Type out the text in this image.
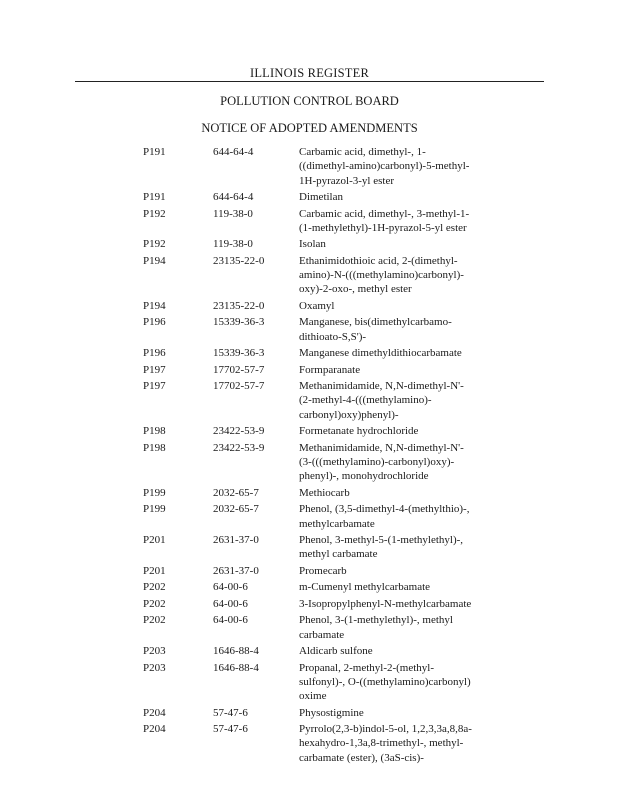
ILLINOIS REGISTER
POLLUTION CONTROL BOARD
NOTICE OF ADOPTED AMENDMENTS
P191	644-64-4	Carbamic acid, dimethyl-, 1-
((dimethyl-amino)carbonyl)-5-methyl-
1H-pyrazol-3-yl ester
P191	644-64-4	Dimetilan
P192	119-38-0	Carbamic acid, dimethyl-, 3-methyl-1-
(1-methylethyl)-1H-pyrazol-5-yl ester
P192	119-38-0	Isolan
P194	23135-22-0	Ethanimidothioic acid, 2-(dimethyl-
amino)-N-(((methylamino)carbonyl)-
oxy)-2-oxo-, methyl ester
P194	23135-22-0	Oxamyl
P196	15339-36-3	Manganese, bis(dimethylcarbamo-
dithioato-S,S')-
P196	15339-36-3	Manganese dimethyldithiocarbamate
P197	17702-57-7	Formparanate
P197	17702-57-7	Methanimidamide, N,N-dimethyl-N'-
(2-methyl-4-(((methylamino)-
carbonyl)oxy)phenyl)-
P198	23422-53-9	Formetanate hydrochloride
P198	23422-53-9	Methanimidamide, N,N-dimethyl-N'-
(3-(((methylamino)-carbonyl)oxy)-
phenyl)-, monohydrochloride
P199	2032-65-7	Methiocarb
P199	2032-65-7	Phenol, (3,5-dimethyl-4-(methylthio)-,
methylcarbamate
P201	2631-37-0	Phenol, 3-methyl-5-(1-methylethyl)-,
methyl carbamate
P201	2631-37-0	Promecarb
P202	64-00-6	m-Cumenyl methylcarbamate
P202	64-00-6	3-Isopropylphenyl-N-methylcarbamate
P202	64-00-6	Phenol, 3-(1-methylethyl)-, methyl
carbamate
P203	1646-88-4	Aldicarb sulfone
P203	1646-88-4	Propanal, 2-methyl-2-(methyl-
sulfonyl)-, O-((methylamino)carbonyl)
oxime
P204	57-47-6	Physostigmine
P204	57-47-6	Pyrrolo(2,3-b)indol-5-ol, 1,2,3,3a,8,8a-
hexahydro-1,3a,8-trimethyl-, methyl-
carbamate (ester), (3aS-cis)-
